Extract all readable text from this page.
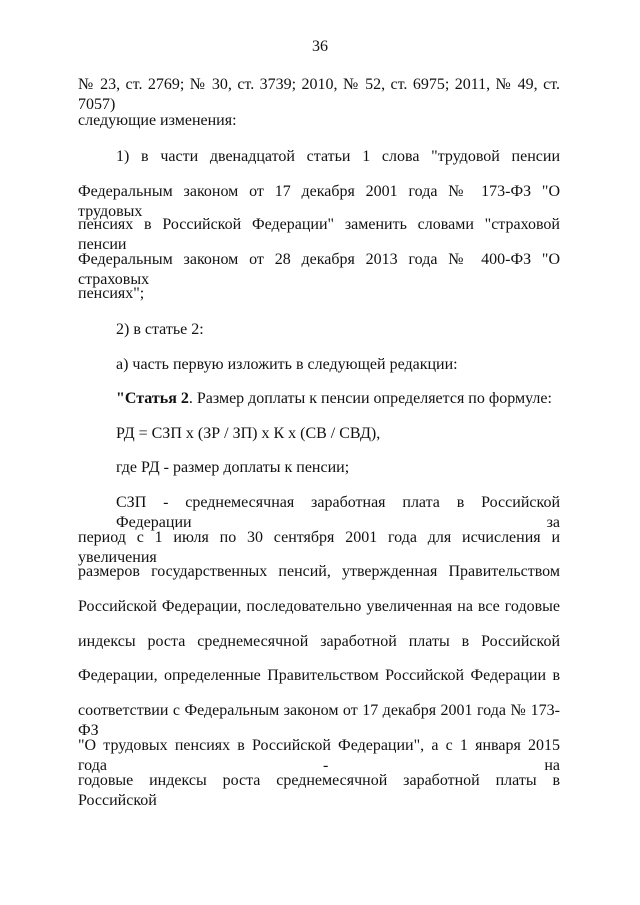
36
№ 23, ст. 2769; № 30, ст. 3739; 2010, № 52, ст. 6975; 2011, № 49, ст. 7057)
следующие изменения:
1) в части двенадцатой статьи 1 слова "трудовой пенсии
Федеральным законом от 17 декабря 2001 года № 173-ФЗ "О трудовых
пенсиях в Российской Федерации" заменить словами "страховой пенсии
Федеральным законом от 28 декабря 2013 года № 400-ФЗ "О страховых
пенсиях";
2) в статье 2:
а) часть первую изложить в следующей редакции:
"Статья 2. Размер доплаты к пенсии определяется по формуле:
РД = СЗП x (ЗР / ЗП) x К x (СВ / СВД),
где РД - размер доплаты к пенсии;
СЗП - среднемесячная заработная плата в Российской Федерации за
период с 1 июля по 30 сентября 2001 года для исчисления и увеличения
размеров государственных пенсий, утвержденная Правительством
Российской Федерации, последовательно увеличенная на все годовые
индексы роста среднемесячной заработной платы в Российской
Федерации, определенные Правительством Российской Федерации в
соответствии с Федеральным законом от 17 декабря 2001 года № 173-ФЗ
"О трудовых пенсиях в Российской Федерации", а с 1 января 2015 года - на
годовые индексы роста среднемесячной заработной платы в Российской
